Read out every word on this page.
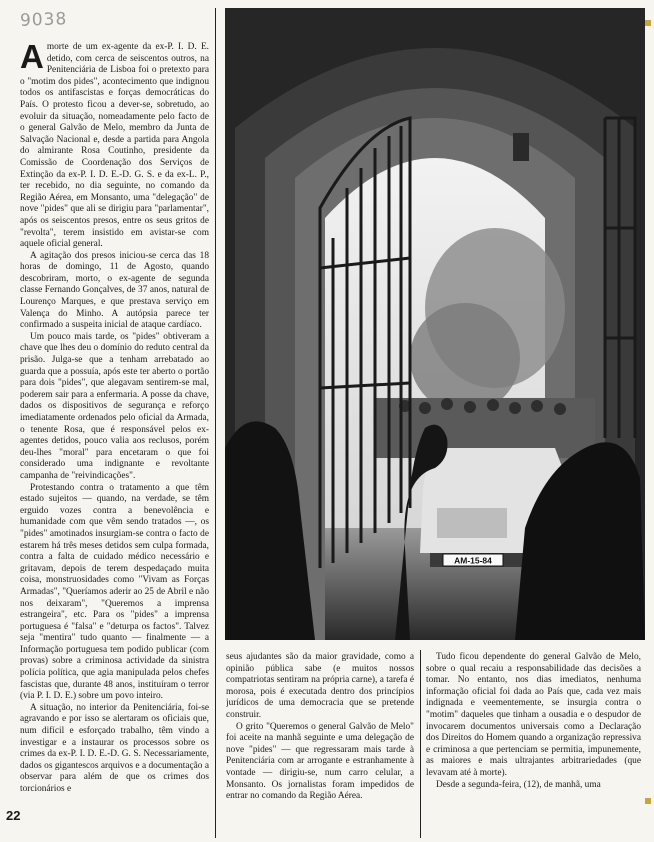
9038

Amorte de um ex-agente da ex-P. I. D. E. detido, com cerca de seiscentos outros, na Penitenciária de Lisboa foi o pretexto para o "motim dos pides", acontecimento que indignou todos os antifascistas e forças democráticas do País. O protesto ficou a dever-se, sobretudo, ao evoluir da situação, nomeadamente pelo facto de o general Galvão de Melo, membro da Junta de Salvação Nacional e, desde a partida para Angola do almirante Rosa Coutinho, presidente da Comissão de Coordenação dos Serviços de Extinção da ex-P. I. D. E.-D. G. S. e da ex-L. P., ter recebido, no dia seguinte, no comando da Região Aérea, em Monsanto, uma "delegação" de nove "pides" que ali se dirigiu para "parlamentar", após os seiscentos presos, entre os seus gritos de "revolta", terem insistido em avistar-se com aquele oficial general.

A agitação dos presos iniciou-se cerca das 18 horas de domingo, 11 de Agosto, quando descobriram, morto, o ex-agente de segunda classe Fernando Gonçalves, de 37 anos, natural de Lourenço Marques, e que prestava serviço em Valença do Minho. A autópsia parece ter confirmado a suspeita inicial de ataque cardíaco.

Um pouco mais tarde, os "pides" obtiveram a chave que lhes deu o domínio do reduto central da prisão. Julga-se que a tenham arrebatado ao guarda que a possuía, após este ter aberto o portão para dois "pides", que alegavam sentirem-se mal, poderem sair para a enfermaria. A posse da chave, dados os dispositivos de segurança e reforço imediatamente ordenados pelo oficial da Armada, o tenente Rosa, que é responsável pelos ex-agentes detidos, pouco valia aos reclusos, porém deu-lhes "moral" para encetaram o que foi considerado uma indignante e revoltante campanha de "reivindicações".

Protestando contra o tratamento a que têm estado sujeitos — quando, na verdade, se têm erguido vozes contra a benevolência e humanidade com que vêm sendo tratados —, os "pides" amotinados insurgiam-se contra o facto de estarem há três meses detidos sem culpa formada, contra a falta de cuidado médico necessário e gritavam, depois de terem despedaçado muita coisa, monstruosidades como "Vivam as Forças Armadas", "Queríamos aderir ao 25 de Abril e não nos deixaram", "Queremos a imprensa estrangeira", etc. Para os "pides" a imprensa portuguesa é "falsa" e "deturpa os factos". Talvez seja "mentira" tudo quanto — finalmente — a Informação portuguesa tem podido publicar (com provas) sobre a criminosa actividade da sinistra polícia política, que agia manipulada pelos chefes fascistas que, durante 48 anos, instituíram o terror (via P. I. D. E.) sobre um povo inteiro.

A situação, no interior da Penitenciária, foi-se agravando e por isso se alertaram os oficiais que, num difícil e esforçado trabalho, têm vindo a investigar e a instaurar os processos sobre os crimes da ex-P. I. D. E.-D. G. S. Necessariamente, dados os gigantescos arquivos e a documentação a observar para além de que os crimes dos torcionários e

AM-15-84

seus ajudantes são da maior gravidade, como a opinião pública sabe (e muitos nossos compatriotas sentiram na própria carne), a tarefa é morosa, pois é executada dentro dos princípios jurídicos de uma democracia que se pretende construir.

O grito "Queremos o general Galvão de Melo" foi aceite na manhã seguinte e uma delegação de nove "pides" — que regressaram mais tarde à Penitenciária com ar arrogante e estranhamente à vontade — dirigiu-se, num carro celular, a Monsanto. Os jornalistas foram impedidos de entrar no comando da Região Aérea.

Tudo ficou dependente do general Galvão de Melo, sobre o qual recaiu a responsabilidade das decisões a tomar. No entanto, nos dias imediatos, nenhuma informação oficial foi dada ao País que, cada vez mais indignada e veementemente, se insurgia contra o "motim" daqueles que tinham a ousadia e o despudor de invocarem documentos universais como a Declaração dos Direitos do Homem quando a organização repressiva e criminosa a que pertenciam se permitia, impunemente, as maiores e mais ultrajantes arbitrariedades (que levavam até à morte).

Desde a segunda-feira, (12), de manhã, uma

22
